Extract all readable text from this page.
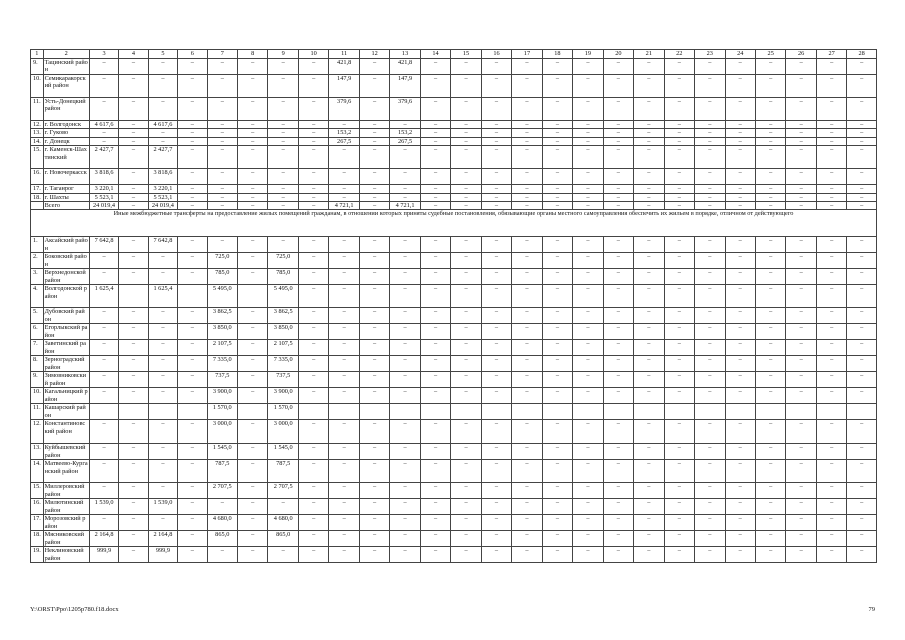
1	2	3	4	5	6	7	8	9	10	11	12	13	14	15	16	17	18	19	20	21	22	23	24	25	26	27	28
9.	Тацинский район	–	–	–	–	–	–	–	–	421,8	–	421,8	–	–	–	–	–	–	–	–	–	–	–	–	–	–	–
10.	Семикаракорский район	–	–	–	–	–	–	–	–	147,9	–	147,9	–	–	–	–	–	–	–	–	–	–	–	–	–	–	–
11.	Усть-Донецкий район	–	–	–	–	–	–	–	–	379,6	–	379,6	–	–	–	–	–	–	–	–	–	–	–	–	–	–	–
12.	г. Волгодонск	4 617,6	–	4 617,6	–	–	–	–	–	–	–	–	–	–	–	–	–	–	–	–	–	–	–	–	–	–	–
13.	г. Гуково	–	–	–	–	–	–	–	–	153,2	–	153,2	–	–	–	–	–	–	–	–	–	–	–	–	–	–	–
14.	г. Донецк	–	–	–	–	–	–	–	–	267,5	–	267,5	–	–	–	–	–	–	–	–	–	–	–	–	–	–	–
15.	г. Каменск-Шахтинский	2 427,7	–	2 427,7	–	–	–	–	–	–	–	–	–	–	–	–	–	–	–	–	–	–	–	–	–	–	–
16.	г. Новочеркасск	3 818,6	–	3 818,6	–	–	–	–	–	–	–	–	–	–	–	–	–	–	–	–	–	–	–	–	–	–	–
17.	г. Таганрог	3 220,1	–	3 220,1	–	–	–	–	–	–	–	–	–	–	–	–	–	–	–	–	–	–	–	–	–	–	–
18.	г. Шахты	5 523,1	–	5 523,1	–	–	–	–	–	–	–	–	–	–	–	–	–	–	–	–	–	–	–	–	–	–	–
	Всего	24 019,4	–	24 019,4	–	–	–	–	–	4 721,1	–	4 721,1	–	–	–	–	–	–	–	–	–	–	–	–	–	–	–
Иные межбюджетные трансферты на предоставление жилых помещений гражданам, в отношении которых приняты судебные постановления, обязывающие органы местного самоуправления обеспечить их жильем в порядке, отличном от действующего																											
1.	Аксайский район	7 642,8	–	7 642,8	–	–	–	–	–	–	–	–	–	–	–	–	–	–	–	–	–	–	–	–	–	–	–
2.	Боковский район	–	–	–	–	725,0	–	725,0	–	–	–	–	–	–	–	–	–	–	–	–	–	–	–	–	–	–	–
3.	Верхнедонской район	–	–	–	–	785,0	–	785,0	–	–	–	–	–	–	–	–	–	–	–	–	–	–	–	–	–	–	–
4.	Волгодонской район	1 625,4		1 625,4		5 495,0		5 495,0	–	–	–	–	–	–	–	–	–	–	–	–	–	–	–	–	–	–	–
5.	Дубовский район	–	–	–	–	3 862,5	–	3 862,5	–	–	–	–	–	–	–	–	–	–	–	–	–	–	–	–	–	–	–
6.	Егорлыкский район	–	–	–	–	3 850,0	–	3 850,0	–	–	–	–	–	–	–	–	–	–	–	–	–	–	–	–	–	–	–
7.	Заветинский район	–	–	–	–	2 107,5	–	2 107,5	–	–	–	–	–	–	–	–	–	–	–	–	–	–	–	–	–	–	–
8.	Зерноградский район	–	–	–	–	7 335,0	–	7 335,0	–	–	–	–	–	–	–	–	–	–	–	–	–	–	–	–	–	–	–
9.	Зимовниковский район	–	–	–	–	737,5	–	737,5	–	–	–	–	–	–	–	–	–	–	–	–	–	–	–	–	–	–	–
10.	Кагальницкий район	–	–	–	–	3 900,0	–	3 900,0	–	–	–	–	–	–	–	–	–	–	–	–	–	–	–	–	–	–	–
11.	Кашарский район					1 570,0		1 570,0																			
12.	Константиновский район	–	–	–	–	3 000,0	–	3 000,0	–	–	–	–	–	–	–	–	–	–	–	–	–	–	–	–	–	–	–
13.	Куйбышевский район	–	–	–	–	1 545,0	–	1 545,0	–	–	–	–	–	–	–	–	–	–	–	–	–	–	–	–	–	–	–
14.	Матвеево-Курганский район	–	–	–	–	787,5	–	787,5	–	–	–	–	–	–	–	–	–	–	–	–	–	–	–	–	–	–	–
15.	Миллеровский район	–	–	–	–	2 707,5	–	2 707,5	–	–	–	–	–	–	–	–	–	–	–	–	–	–	–	–	–	–	–
16.	Милютинский район	1 539,0	–	1 539,0	–	–	–	–	–	–	–	–	–	–	–	–	–	–	–	–	–	–	–	–	–	–	–
17.	Морозовский район	–	–	–	–	4 680,0	–	4 680,0	–	–	–	–	–	–	–	–	–	–	–	–	–	–	–	–	–	–	–
18.	Мясниковский район	2 164,8	–	2 164,8	–	865,0	–	865,0	–	–	–	–	–	–	–	–	–	–	–	–	–	–	–	–	–	–	–
19.	Неклиновский район	999,9	–	999,9	–	–	–	–	–	–	–	–	–	–	–	–	–	–	–	–	–	–	–	–	–	–	–
Y:\ORST\Ppo\1205p780.f18.docx	79
